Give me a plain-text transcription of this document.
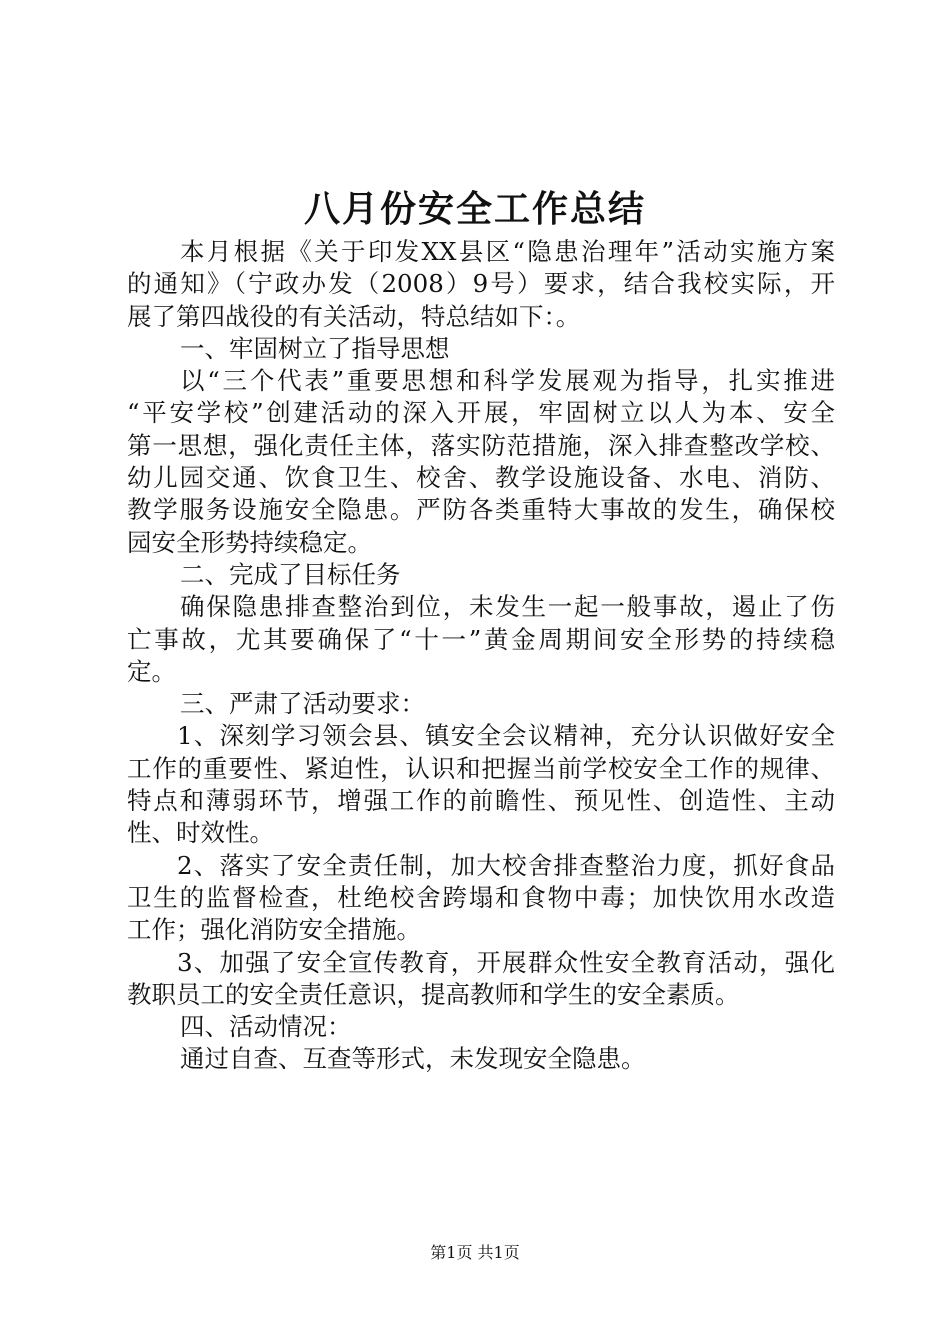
八月份安全工作总结
本月根据《关于印发XX县区“隐患治理年”活动实施方案
的通知》（宁政办发（2008）9号）要求，结合我校实际，开
展了第四战役的有关活动，特总结如下：。
一、牢固树立了指导思想
以“三个代表”重要思想和科学发展观为指导，扎实推进
“平安学校”创建活动的深入开展，牢固树立以人为本、安全
第一思想，强化责任主体，落实防范措施，深入排查整改学校、
幼儿园交通、饮食卫生、校舍、教学设施设备、水电、消防、
教学服务设施安全隐患。严防各类重特大事故的发生，确保校
园安全形势持续稳定。
二、完成了目标任务
确保隐患排查整治到位，未发生一起一般事故，遏止了伤
亡事故，尤其要确保了“十一”黄金周期间安全形势的持续稳
定。
三、严肃了活动要求：
1、深刻学习领会县、镇安全会议精神，充分认识做好安全
工作的重要性、紧迫性，认识和把握当前学校安全工作的规律、
特点和薄弱环节，增强工作的前瞻性、预见性、创造性、主动
性、时效性。
2、落实了安全责任制，加大校舍排查整治力度，抓好食品
卫生的监督检查，杜绝校舍跨塌和食物中毒；加快饮用水改造
工作；强化消防安全措施。
3、加强了安全宣传教育，开展群众性安全教育活动，强化
教职员工的安全责任意识，提高教师和学生的安全素质。
四、活动情况：
通过自查、互查等形式，未发现安全隐患。
第1页 共1页
